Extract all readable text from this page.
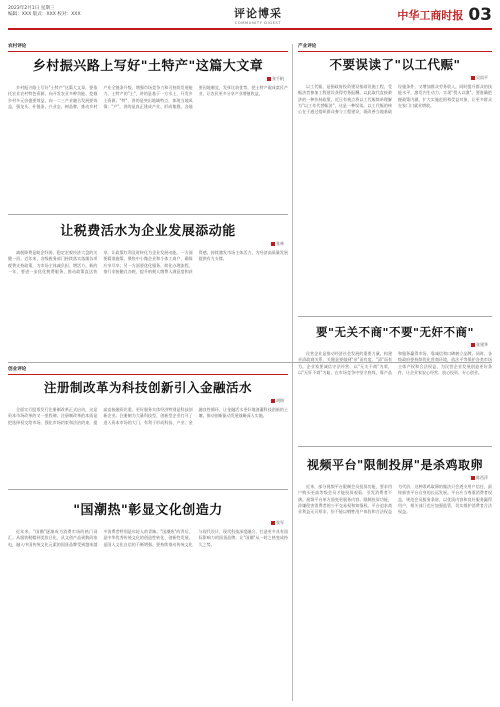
2023年2月1日 星期三
编辑：XXX 版式：XXX 校对：XXX	评论博采
COMMUNITY DIGEST
中华工商时报 03
农村评论
乡村振兴路上写好"土特产"这篇大文章
张千帆

乡村振兴路上写好"土特产"这篇大文章，要依托农业农村特色资源，向开发农业多种功能、挖掘乡村多元价值要效益，向一二三产业融合发展要效益，强龙头、补链条、兴业态、树品牌，推动乡村产业全链条升级，增强市场竞争力和可持续发展能力。土特产的"土"，讲的是基于一方水土，开发乡土资源；"特"，讲的是突出地域特点，体现当地风情；"产"，讲的是真正建成产业、形成集群。各地要因地制宜，发挥比较优势，把土特产做成富民产业，让农民更多分享产业增值收益。

让税费活水为企业发展添动能
张林

减税降费是助企纾困、稳定宏观经济大盘的关键一招。近年来，各级税务部门持续落实落细各项税费支持政策，为市场主体减负担、增活力。新的一年，要进一步优化税费服务，推动政策直达快享，让政策红利及时转化为企业发展动能。一方面要精准施策，聚焦中小微企业和个体工商户，确保应享尽享；另一方面要优化服务，简化办理流程，推行非接触式办税，提升纳税人缴费人满意度和获得感，持续激发市场主体活力，为经济高质量发展提供有力支撑。

创业评论
注册制改革为科技创新引入金融活水
胡锦

全面实行股票发行注册制改革正式启动，这是资本市场改革的又一里程碑。注册制改革的本质是把选择权交给市场，强化市场约束和法治约束，提高直接融资比重，更好服务实体经济特别是科技创新企业。注册制为大量科技型、创新型企业打开了进入资本市场的大门，有利于形成科技、产业、金融良性循环，让金融活水更好地浇灌科技创新的土壤，推动创新驱动发展战略深入实施。

"国潮热"彰显文化创造力
张军

近年来，"国潮"逐渐成为消费市场的热门词汇。从服装鞋帽到美妆日化，从文创产品到数码家电，融入中国传统文化元素的国货品牌受到越来越多消费者特别是年轻人的青睐。"国潮热"的背后，是中华优秀传统文化的创造性转化、创新性发展，是国人文化自信的不断增强。要持续推动传统文化与现代设计、现代科技深度融合，打造更多具有国际影响力的国货品牌，让"国潮"从一时之热变成持久之势。

产业评论
不要误读了"以工代赈"
吴岚平

以工代赈，是指政府投资建设基础设施工程，受赈济者参加工程建设获得劳务报酬，以此取代直接救济的一种扶持政策。近日有观点将以工代赈简单理解为"以工作代替赈济"，这是一种误读。以工代赈的核心在于通过组织群众参与工程建设，既改善当地基础设施条件，又增加群众劳务收入，同时提升群众的技能水平，激发内生动力，实现"授人以渔"。要准确把握政策内涵，扩大实施范围和受益对象，让更多群众在家门口就业增收。

要"无关不商"不要"无奸不商"
张建华

民营企业是推动经济社会发展的重要力量。构建亲清政商关系，关键是要做到"亲"而有度、"清"而有为。企业家要诚信守法经营，以"无关不商"为荣，以"无奸不商"为耻，在市场竞争中坚守底线，靠产品和服务赢得市场，靠诚信和口碑树立品牌。同时，各级政府要持续优化营商环境，依法平等保护各类市场主体产权和合法权益，为民营企业发展创造更好条件，让企业家安心经营、放心投资、专心创业。

视频平台"限制投屏"是杀鸡取卵
陈西萍

近来，部分视频平台限制会员投屏功能，要求用户购买更高等级会员才能投屏观看，引发消费者不满。视频平台单方面变更服务内容、限制投屏功能，涉嫌侵害消费者的公平交易权和知情权。平台追求商业利益无可厚非，但不能以牺牲用户体验和合法权益为代价，这种杀鸡取卵的做法只会透支用户信任，最终损害平台自身的长远发展。平台应当尊重消费者权益，规范会员服务条款，以优质内容和良好服务赢得用户，相关部门也应加强监管，切实维护消费者合法权益。
